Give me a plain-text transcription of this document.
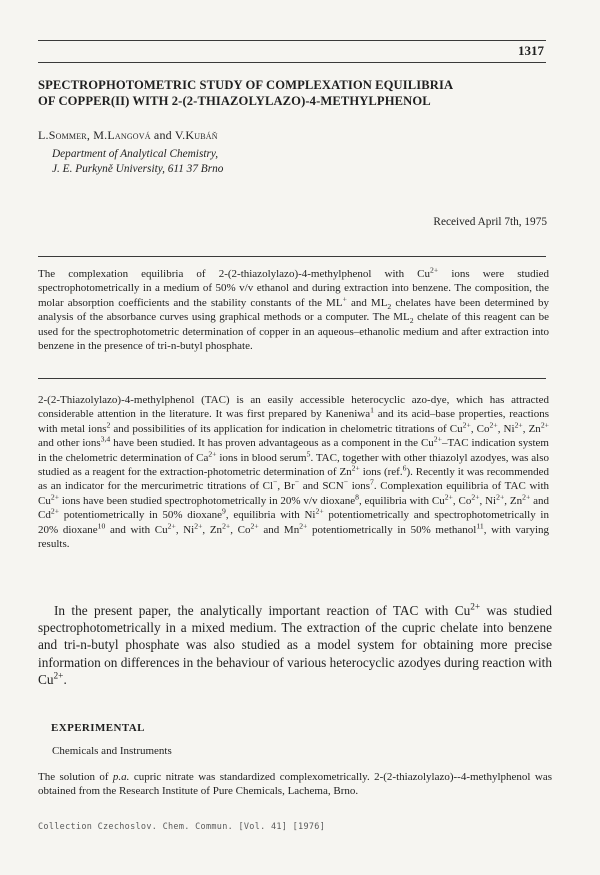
1317
SPECTROPHOTOMETRIC STUDY OF COMPLEXATION EQUILIBRIA
OF COPPER(II) WITH 2-(2-THIAZOLYLAZO)-4-METHYLPHENOL
L.Sommer, M.Langová and V.Kubáň
Department of Analytical Chemistry,
J. E. Purkyně University, 611 37 Brno
Received April 7th, 1975

The complexation equilibria of 2-(2-thiazolylazo)-4-methylphenol with $Cu^{2+}$ ions were studied spectrophotometrically in a medium of 50% v/v ethanol and during extraction into benzene. The composition, the molar absorption coefficients and the stability constants of the ML+ and $ML_2$ chelates have been determined by analysis of the absorbance curves using graphical methods or a computer. The $ML_2$ chelate of this reagent can be used for the spectrophotometric determination of copper in an aqueous–ethanolic medium and after extraction into benzene in the presence of tri-n-butyl phosphate.

2-(2-Thiazolylazo)-4-methylphenol (TAC) is an easily accessible heterocyclic azo-dye, which has attracted considerable attention in the literature. It was first prepared by Kaneniwa$^1$ and its acid–base properties, reactions with metal ions$^2$ and possibilities of its application for indication in chelometric titrations of $Cu^{2+}$, $Co^{2+}$, $Ni^{2+}$, $Zn^{2+}$ and other ions$^{3,4}$ have been studied. It has proven advantageous as a component in the $Cu^{2+}$–TAC indication system in the chelometric determination of $Ca^{2+}$ ions in blood serum$^5$. TAC, together with other thiazolyl azodyes, was also studied as a reagent for the extraction-photometric determination of $Zn^{2+}$ ions (ref.$^6$). Recently it was recommended as an indicator for the mercurimetric titrations of Cl−, Br− and SCN− ions$^7$. Complexation equilibria of TAC with $Cu^{2+}$ ions have been studied spectrophotometrically in 20% v/v dioxane$^8$, equilibria with $Cu^{2+}$, $Co^{2+}$, $Ni^{2+}$, $Zn^{2+}$ and $Cd^{2+}$ potentiometrically in 50% dioxane$^9$, equilibria with $Ni^{2+}$ potentiometrically and spectrophotometrically in 20% dioxane$^{10}$ and with $Cu^{2+}$, $Ni^{2+}$, $Zn^{2+}$, $Co^{2+}$ and $Mn^{2+}$ potentiometrically in 50% methanol$^{11}$, with varying results.

In the present paper, the analytically important reaction of TAC with $Cu^{2+}$ was studied spectrophotometrically in a mixed medium. The extraction of the cupric chelate into benzene and tri-n-butyl phosphate was also studied as a model system for obtaining more precise information on differences in the behaviour of various heterocyclic azodyes during reaction with $Cu^{2+}$.

EXPERIMENTAL
Chemicals and Instruments

The solution of p.a. cupric nitrate was standardized complexometrically. 2-(2-thiazolylazo)--4-methylphenol was obtained from the Research Institute of Pure Chemicals, Lachema, Brno.

Collection Czechoslov. Chem. Commun. [Vol. 41] [1976]
